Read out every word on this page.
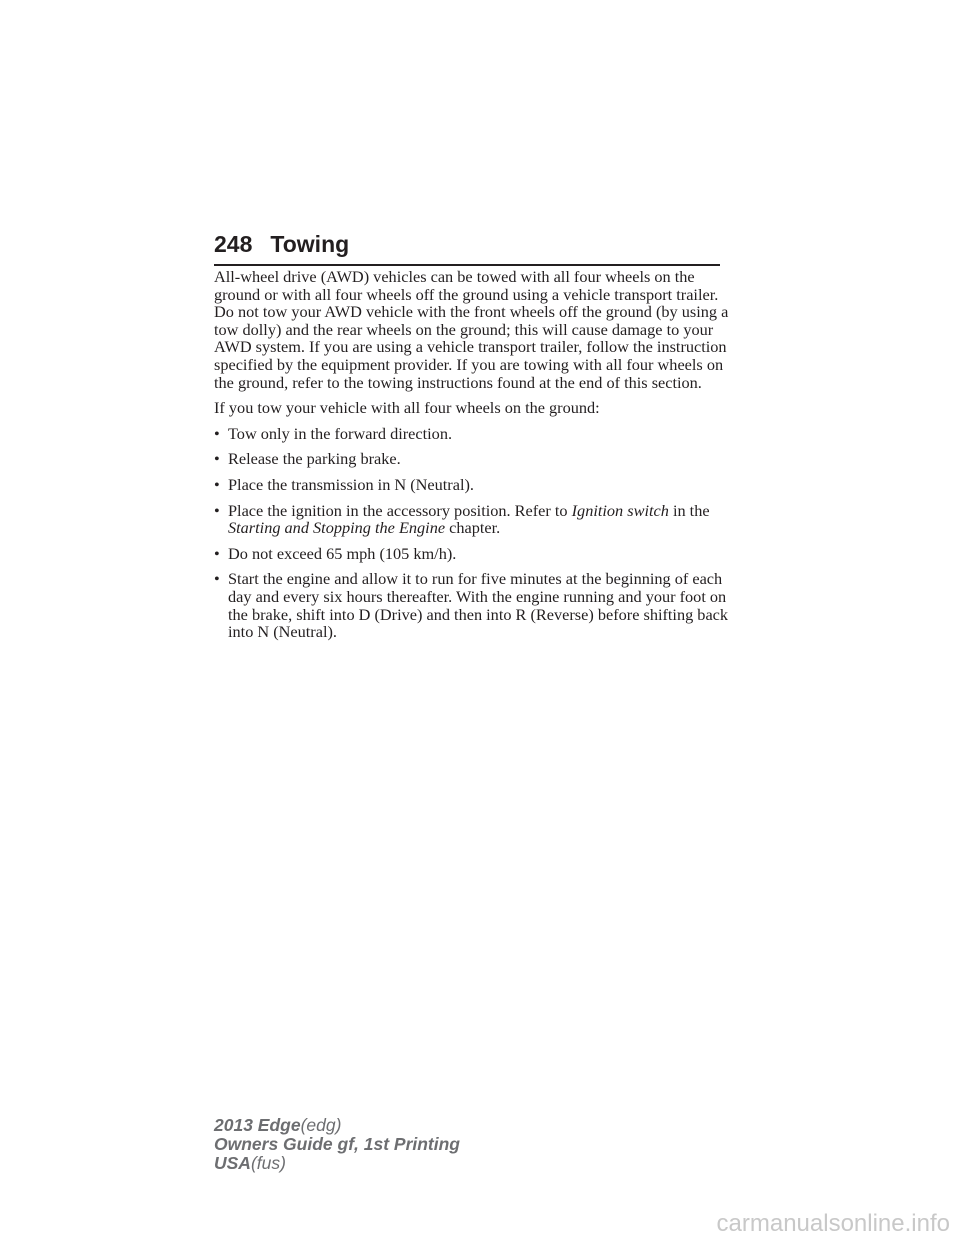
248 Towing

All-wheel drive (AWD) vehicles can be towed with all four wheels on the ground or with all four wheels off the ground using a vehicle transport trailer. Do not tow your AWD vehicle with the front wheels off the ground (by using a tow dolly) and the rear wheels on the ground; this will cause damage to your AWD system. If you are using a vehicle transport trailer, follow the instruction specified by the equipment provider. If you are towing with all four wheels on the ground, refer to the towing instructions found at the end of this section.

If you tow your vehicle with all four wheels on the ground:

• Tow only in the forward direction.
• Release the parking brake.
• Place the transmission in N (Neutral).
• Place the ignition in the accessory position. Refer to Ignition switch in the Starting and Stopping the Engine chapter.
• Do not exceed 65 mph (105 km/h).
• Start the engine and allow it to run for five minutes at the beginning of each day and every six hours thereafter. With the engine running and your foot on the brake, shift into D (Drive) and then into R (Reverse) before shifting back into N (Neutral).
2013 Edge(edg)
Owners Guide gf, 1st Printing
USA(fus)
carmanualsonline.info
